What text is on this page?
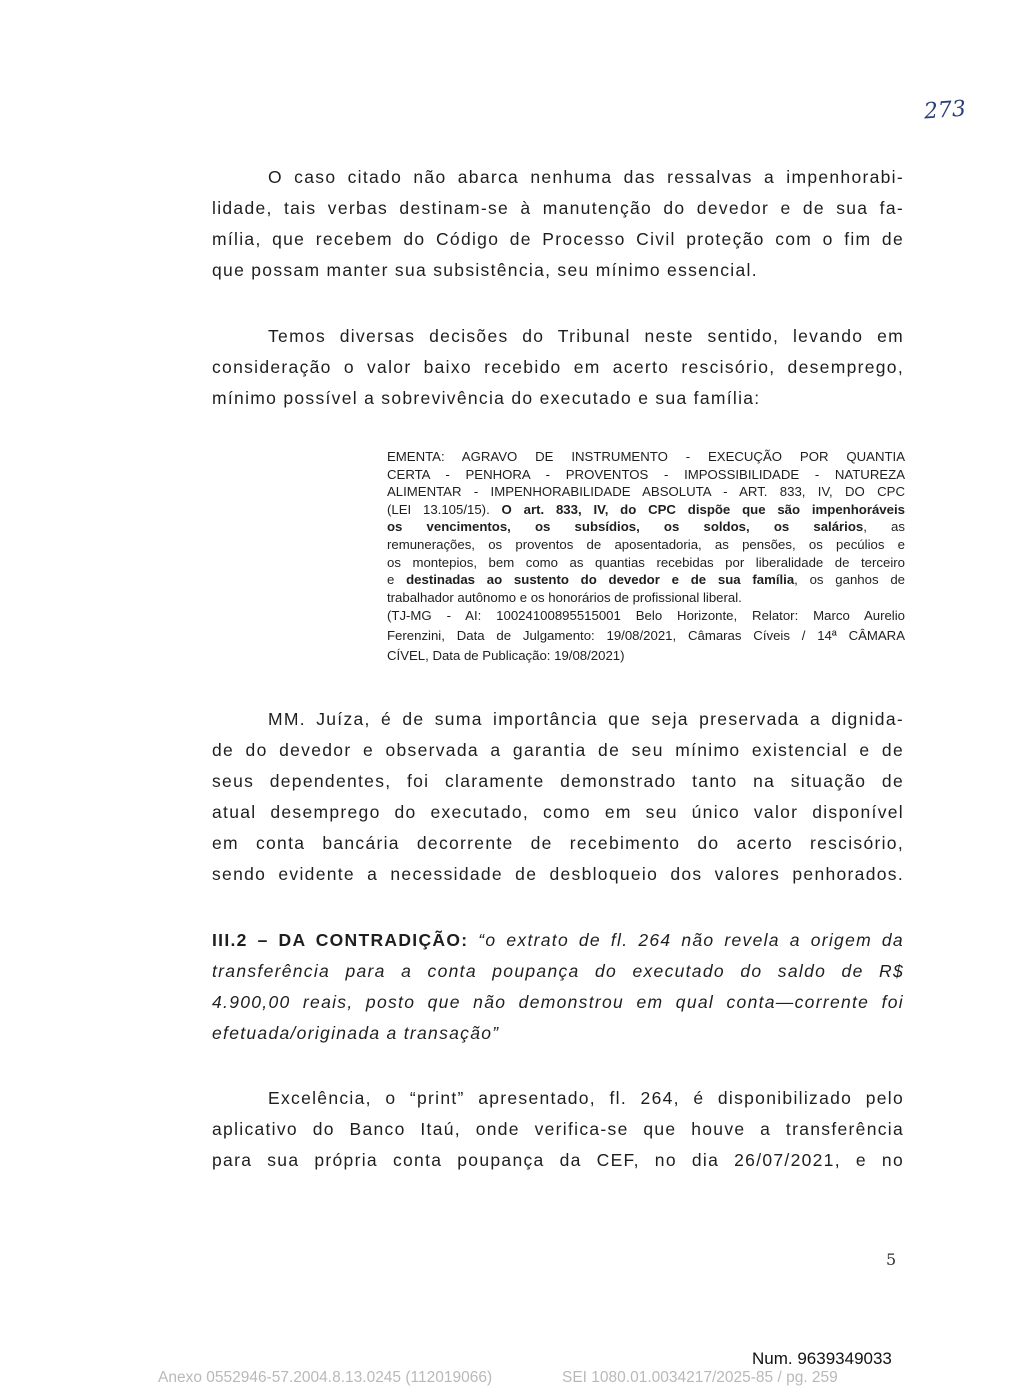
273
O caso citado não abarca nenhuma das ressalvas a impenhorabi-
lidade, tais verbas destinam-se à manutenção do devedor e de sua fa-
mília, que recebem do Código de Processo Civil proteção com o fim de
que possam manter sua subsistência, seu mínimo essencial.
Temos diversas decisões do Tribunal neste sentido, levando em
consideração o valor baixo recebido em acerto rescisório, desemprego,
mínimo possível a sobrevivência do executado e sua família:
EMENTA: AGRAVO DE INSTRUMENTO - EXECUÇÃO POR QUANTIA
CERTA - PENHORA - PROVENTOS - IMPOSSIBILIDADE - NATUREZA
ALIMENTAR - IMPENHORABILIDADE ABSOLUTA - ART. 833, IV, DO CPC
(LEI 13.105/15). O art. 833, IV, do CPC dispõe que são impenhoráveis
os vencimentos, os subsídios, os soldos, os salários, as
remunerações, os proventos de aposentadoria, as pensões, os pecúlios e
os montepios, bem como as quantias recebidas por liberalidade de terceiro
e destinadas ao sustento do devedor e de sua família, os ganhos de
trabalhador autônomo e os honorários de profissional liberal.
(TJ-MG - AI: 10024100895515001 Belo Horizonte, Relator: Marco Aurelio
Ferenzini, Data de Julgamento: 19/08/2021, Câmaras Cíveis / 14ª CÂMARA
CÍVEL, Data de Publicação: 19/08/2021)
MM. Juíza, é de suma importância que seja preservada a dignida-
de do devedor e observada a garantia de seu mínimo existencial e de
seus dependentes, foi claramente demonstrado tanto na situação de
atual desemprego do executado, como em seu único valor disponível
em conta bancária decorrente de recebimento do acerto rescisório,
sendo evidente a necessidade de desbloqueio dos valores penhorados.
III.2 – DA CONTRADIÇÃO: “o extrato de fl. 264 não revela a origem da
transferência para a conta poupança do executado do saldo de R$
4.900,00 reais, posto que não demonstrou em qual conta—corrente foi
efetuada/originada a transação”
Excelência, o “print” apresentado, fl. 264, é disponibilizado pelo
aplicativo do Banco Itaú, onde verifica-se que houve a transferência
para sua própria conta poupança da CEF, no dia 26/07/2021, e no
5
Num. 9639349033
Anexo 0552946-57.2004.8.13.0245 (112019066)	SEI 1080.01.0034217/2025-85 / pg. 259
